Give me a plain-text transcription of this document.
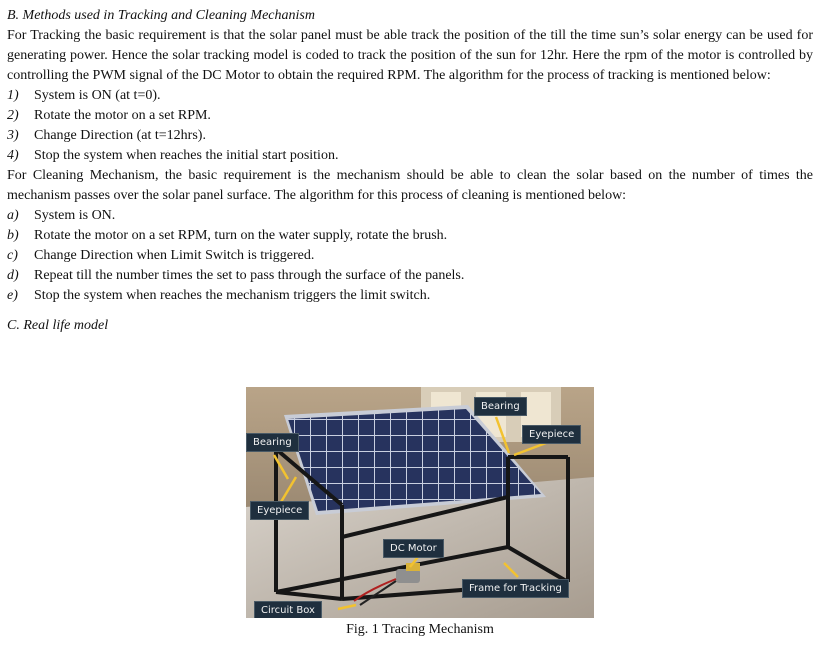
B. Methods used in Tracking and Cleaning Mechanism

For Tracking the basic requirement is that the solar panel must be able track the position of the till the time sun’s solar energy can be used for generating power. Hence the solar tracking model is coded to track the position of the sun for 12hr. Here the rpm of the motor is controlled by controlling the PWM signal of the DC Motor to obtain the required RPM. The algorithm for the process of tracking is mentioned below:

1)	System is ON (at t=0).
2)	Rotate the motor on a set RPM.
3)	Change Direction (at t=12hrs).
4)	Stop the system when reaches the initial start position.

For Cleaning Mechanism, the basic requirement is the mechanism should be able to clean the solar based on the number of times the mechanism passes over the solar panel surface. The algorithm for this process of cleaning is mentioned below:

a)	System is ON.
b)	Rotate the motor on a set RPM, turn on the water supply, rotate the brush.
c)	Change Direction when Limit Switch is triggered.
d)	Repeat till the number times the set to pass through the surface of the panels.
e)	Stop the system when reaches the mechanism triggers the limit switch.

C. Real life model

Bearing
Eyepiece
Bearing
Eyepiece
DC Motor
Frame for Tracking
Circuit Box
Fig. 1 Tracing Mechanism
